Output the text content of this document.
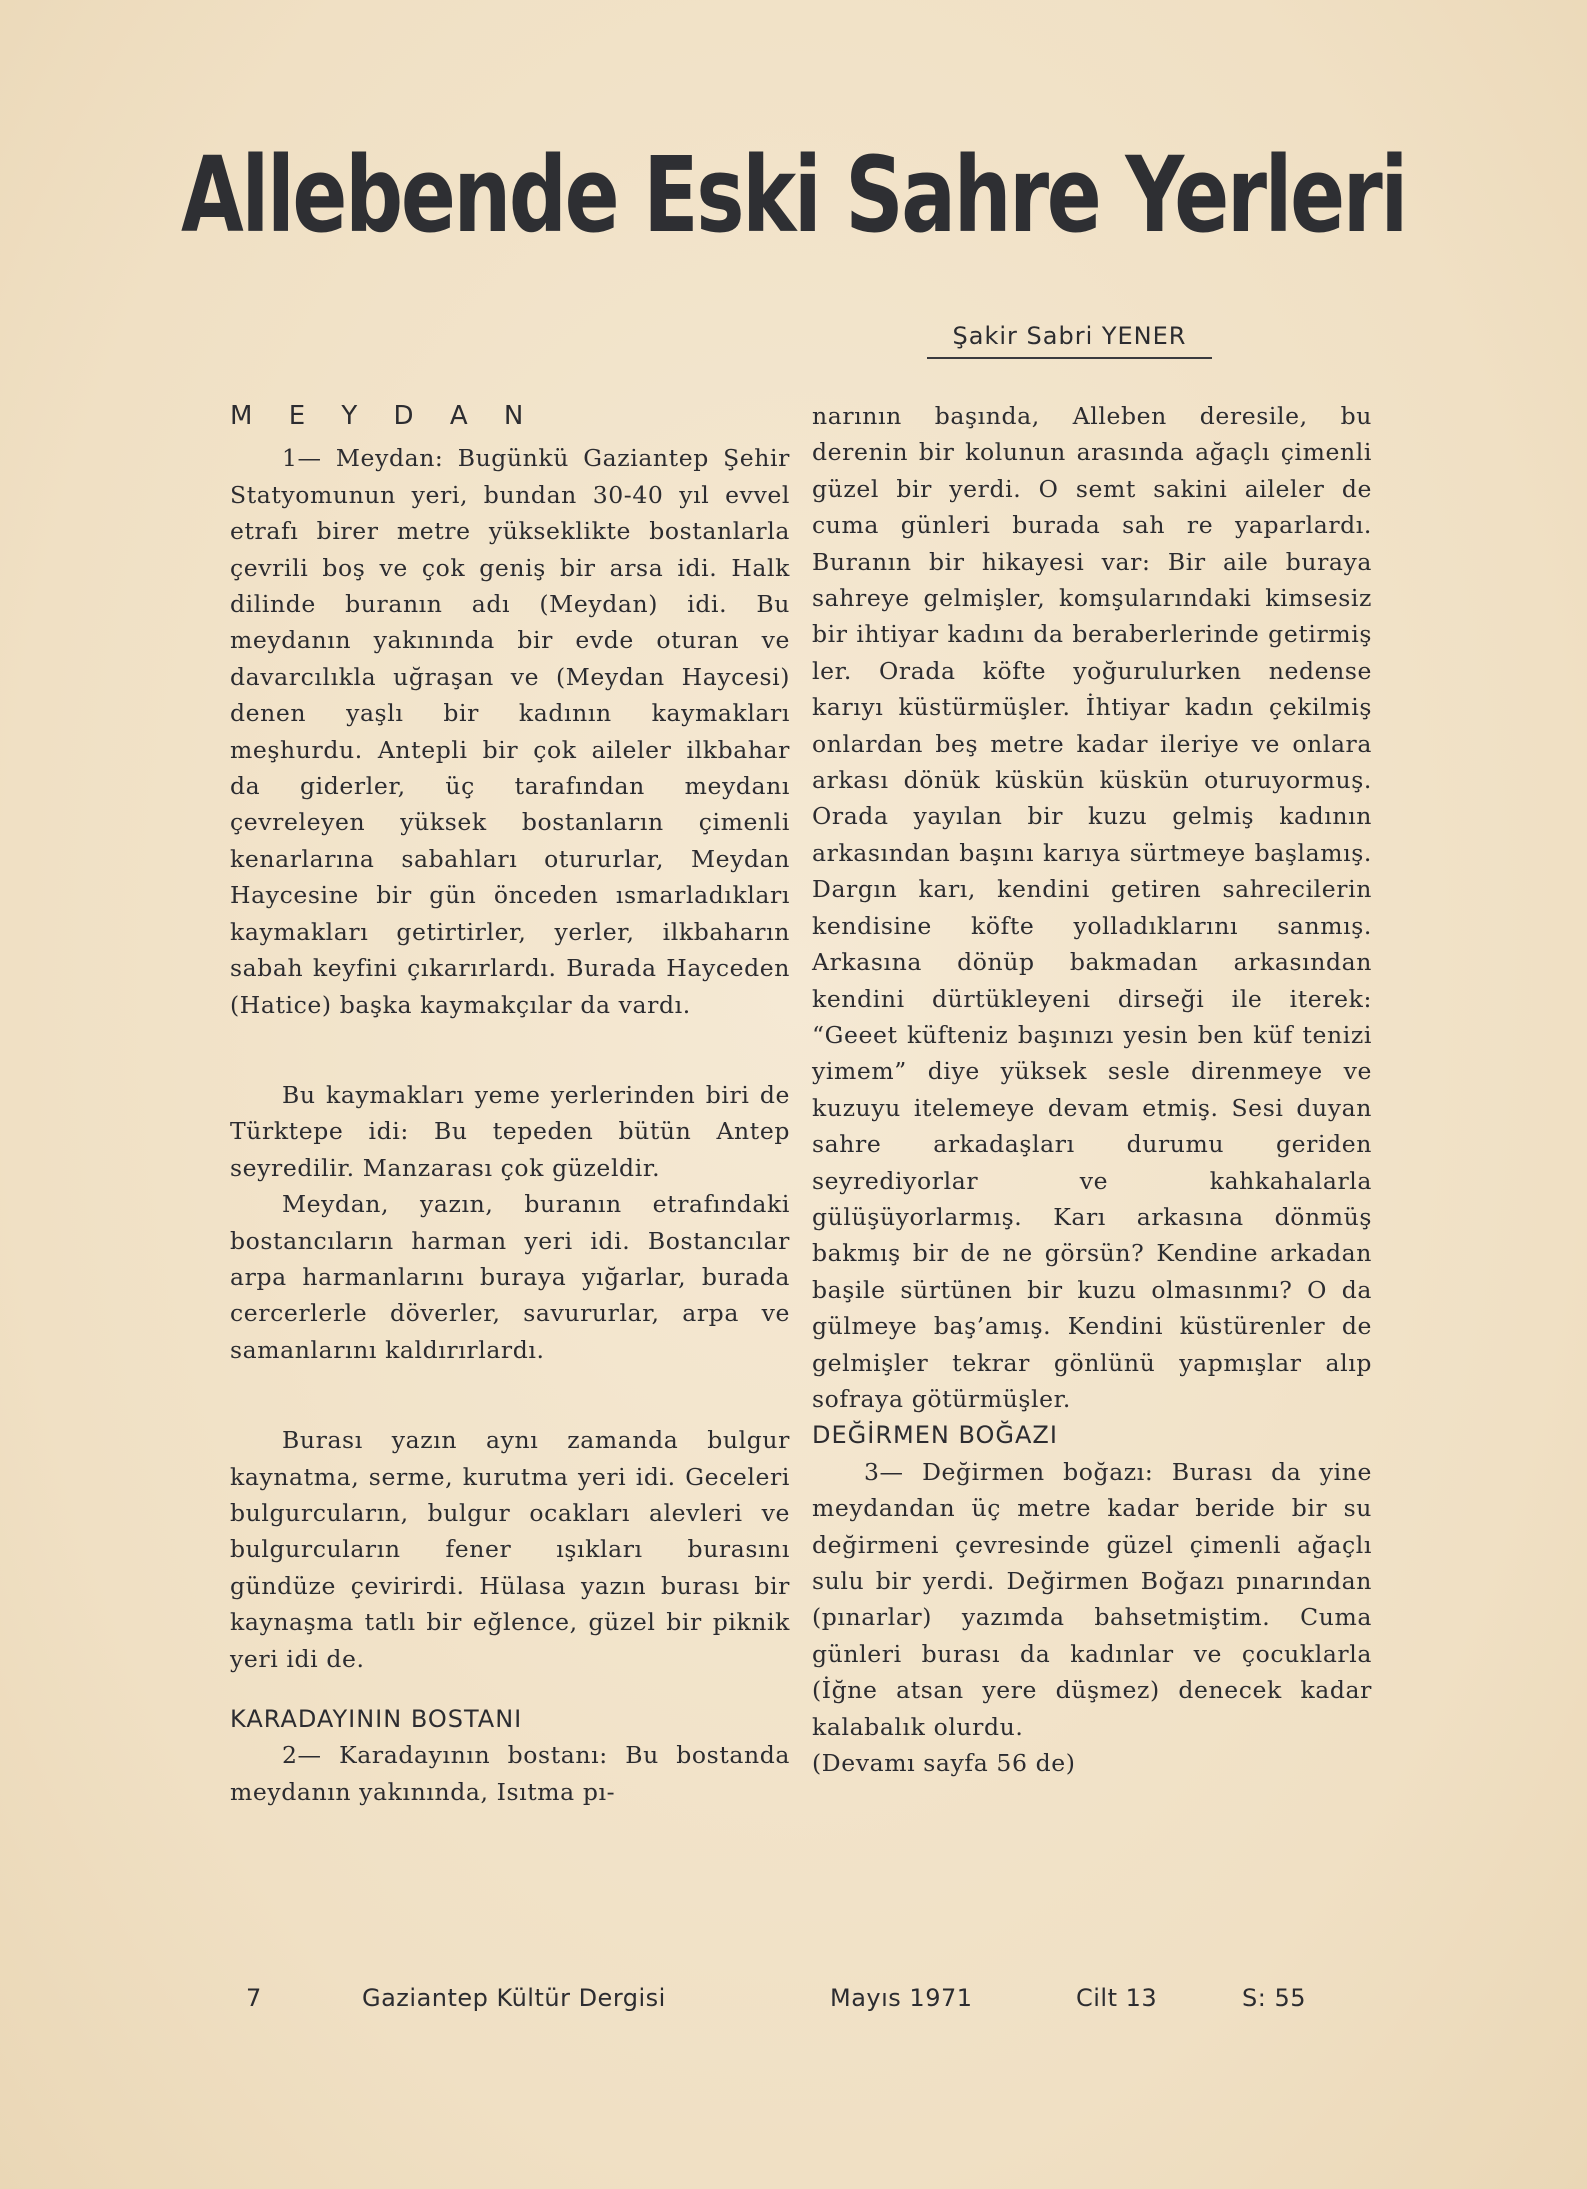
Allebende Eski Sahre Yerleri
Şakir Sabri YENER

M E Y D A N

1— Meydan: Bugünkü Gaziantep Şehir Statyomunun yeri, bundan 30-40 yıl evvel etrafı birer metre yükseklikte bostanlarla çevrili boş ve çok geniş bir arsa idi. Halk dilinde buranın adı (Meydan) idi. Bu meydanın yakınında bir evde oturan ve davarcılıkla uğraşan ve (Meydan Haycesi) denen yaşlı bir kadının kaymakları meşhurdu. Antepli bir çok aileler ilkbahar da giderler, üç tarafından meydanı çevreleyen yüksek bostanların çimenli kenarlarına sabahları otururlar, Meydan Haycesine bir gün önceden ısmarladıkları kaymakları getirtirler, yerler, ilkbaharın sabah keyfini çıkarırlardı. Burada Hayceden (Hatice) başka kaymakçılar da vardı.

Bu kaymakları yeme yerlerinden biri de Türktepe idi: Bu tepeden bütün Antep seyredilir. Manzarası çok güzeldir.

Meydan, yazın, buranın etrafındaki bostancıların harman yeri idi. Bostancılar arpa harmanlarını buraya yığarlar, burada cercerlerle döverler, savururlar, arpa ve samanlarını kaldırırlardı.

Burası yazın aynı zamanda bulgur kaynatma, serme, kurutma yeri idi. Geceleri bulgurcuların, bulgur ocakları alevleri ve bulgurcuların fener ışıkları burasını gündüze çevirirdi. Hülasa yazın burası bir kaynaşma tatlı bir eğlence, güzel bir piknik yeri idi de.

KARADAYININ BOSTANI

2— Karadayının bostanı: Bu bostanda meydanın yakınında, Isıtma pı-

narının başında, Alleben deresile, bu derenin bir kolunun arasında ağaçlı çimenli güzel bir yerdi. O semt sakini aileler de cuma günleri burada sah re yaparlardı. Buranın bir hikayesi var: Bir aile buraya sahreye gelmişler, komşularındaki kimsesiz bir ihtiyar kadını da beraberlerinde getirmiş ler. Orada köfte yoğurulurken nedense karıyı küstürmüşler. İhtiyar kadın çekilmiş onlardan beş metre kadar ileriye ve onlara arkası dönük küskün küskün oturuyormuş. Orada yayılan bir kuzu gelmiş kadının arkasından başını karıya sürtmeye başlamış. Dargın karı, kendini getiren sahrecilerin kendisine köfte yolladıklarını sanmış. Arkasına dönüp bakmadan arkasından kendini dürtükleyeni dirseği ile iterek: “Geeet küfteniz başınızı yesin ben küf tenizi yimem” diye yüksek sesle direnmeye ve kuzuyu itelemeye devam etmiş. Sesi duyan sahre arkadaşları durumu geriden seyrediyorlar ve kahkahalarla gülüşüyorlarmış. Karı arkasına dönmüş bakmış bir de ne görsün? Kendine arkadan başile sürtünen bir kuzu olmasınmı? O da gülmeye baş’amış. Kendini küstürenler de gelmişler tekrar gönlünü yapmışlar alıp sofraya götürmüşler.

DEĞİRMEN BOĞAZI

3— Değirmen boğazı: Burası da yine meydandan üç metre kadar beride bir su değirmeni çevresinde güzel çimenli ağaçlı sulu bir yerdi. Değirmen Boğazı pınarından (pınarlar) yazımda bahsetmiştim. Cuma günleri burası da kadınlar ve çocuklarla (İğne atsan yere düşmez) denecek kadar kalabalık olurdu.

(Devamı sayfa 56 de)

7	Gaziantep Kültür Dergisi	Mayıs 1971	Cilt 13	S: 55
